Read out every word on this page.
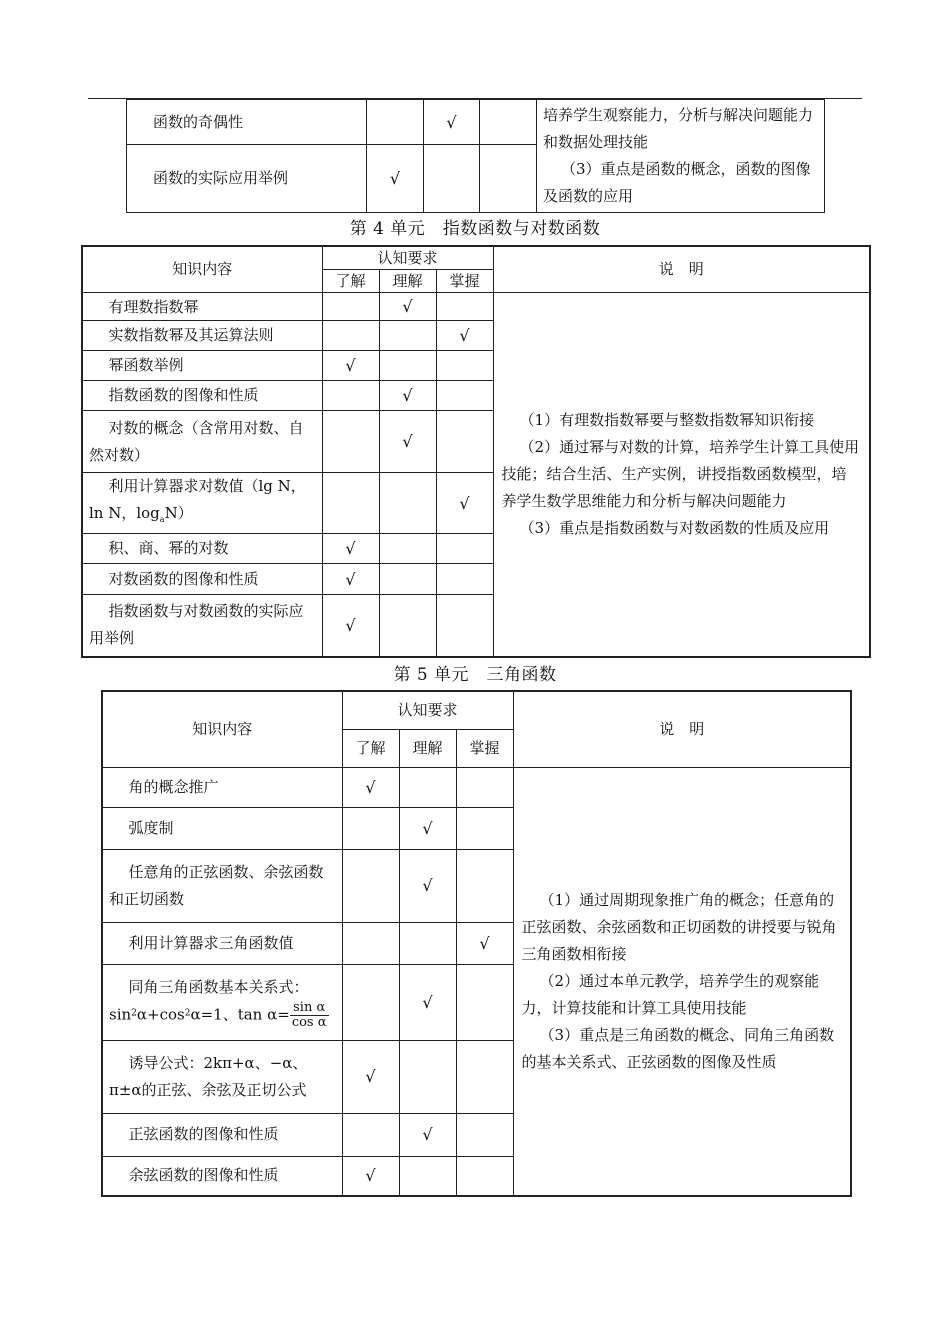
函数的奇偶性		√		培养学生观察能力，分析与解决问题能力和数据处理技能
（3）重点是函数的概念，函数的图像及函数的应用

函数的实际应用举例	√			
第 4 单元　指数函数与对数函数
知识内容	认知要求			说　明
	了解	理解	掌握	

有理数指数幂		√		（1）有理数指数幂要与整数指数幂知识衔接
（2）通过幂与对数的计算，培养学生计算工具使用技能；结合生活、生产实例，讲授指数函数模型，培养学生数学思维能力和分析与解决问题能力
（3）重点是指数函数与对数函数的性质及应用

实数指数幂及其运算法则			√	

幂函数举例	√			

指数函数的图像和性质		√		

对数的概念（含常用对数、自然对数）		√		

利用计算器求对数值（lg N，ln N，$\log_aN$）			√	

积、商、幂的对数	√			

对数函数的图像和性质	√			

指数函数与对数函数的实际应用举例	√			
第 5 单元　三角函数
知识内容	认知要求			说　明
	了解	理解	掌握	

角的概念推广	√			（1）通过周期现象推广角的概念；任意角的正弦函数、余弦函数和正切函数的讲授要与锐角三角函数相衔接
（2）通过本单元教学，培养学生的观察能力，计算技能和计算工具使用技能
（3）重点是三角函数的概念、同角三角函数的基本关系式、正弦函数的图像及性质

弧度制		√		

任意角的正弦函数、余弦函数和正切函数		√		

利用计算器求三角函数值			√	

同角三角函数基本关系式：
$\sin^2\alpha+\cos^2\alpha=1$、$\tan \alpha= \frac{\text{sin α}}{\text{cos α}}$		√		

诱导公式：2kπ+α、−α、π±α的正弦、余弦及正切公式	√			

正弦函数的图像和性质		√		

余弦函数的图像和性质	√			
